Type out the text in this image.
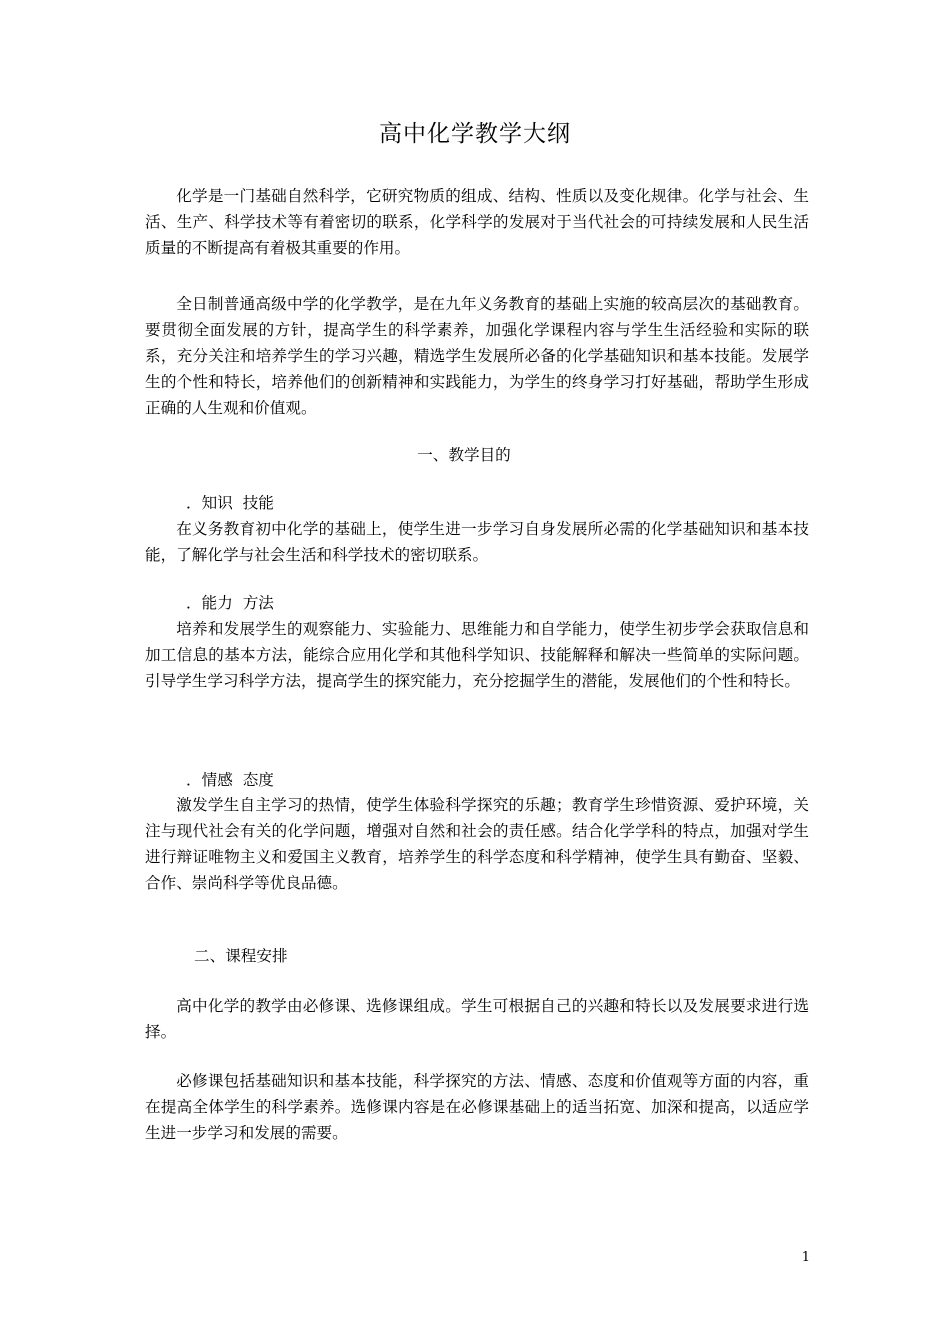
高中化学教学大纲

化学是一门基础自然科学，它研究物质的组成、结构、性质以及变化规律。化学与社会、生活、生产、科学技术等有着密切的联系，化学科学的发展对于当代社会的可持续发展和人民生活质量的不断提高有着极其重要的作用。

全日制普通高级中学的化学教学，是在九年义务教育的基础上实施的较高层次的基础教育。要贯彻全面发展的方针，提高学生的科学素养，加强化学课程内容与学生生活经验和实际的联系，充分关注和培养学生的学习兴趣，精选学生发展所必备的化学基础知识和基本技能。发展学生的个性和特长，培养他们的创新精神和实践能力，为学生的终身学习打好基础，帮助学生形成正确的人生观和价值观。

一、教学目的
．知识  技能

在义务教育初中化学的基础上，使学生进一步学习自身发展所必需的化学基础知识和基本技能，了解化学与社会生活和科学技术的密切联系。

．能力  方法

培养和发展学生的观察能力、实验能力、思维能力和自学能力，使学生初步学会获取信息和加工信息的基本方法，能综合应用化学和其他科学知识、技能解释和解决一些简单的实际问题。引导学生学习科学方法，提高学生的探究能力，充分挖掘学生的潜能，发展他们的个性和特长。

．情感  态度

激发学生自主学习的热情，使学生体验科学探究的乐趣；教育学生珍惜资源、爱护环境，关注与现代社会有关的化学问题，增强对自然和社会的责任感。结合化学学科的特点，加强对学生进行辩证唯物主义和爱国主义教育，培养学生的科学态度和科学精神，使学生具有勤奋、坚毅、合作、崇尚科学等优良品德。

二、课程安排

高中化学的教学由必修课、选修课组成。学生可根据自己的兴趣和特长以及发展要求进行选择。

必修课包括基础知识和基本技能，科学探究的方法、情感、态度和价值观等方面的内容，重在提高全体学生的科学素养。选修课内容是在必修课基础上的适当拓宽、加深和提高，以适应学生进一步学习和发展的需要。

1
